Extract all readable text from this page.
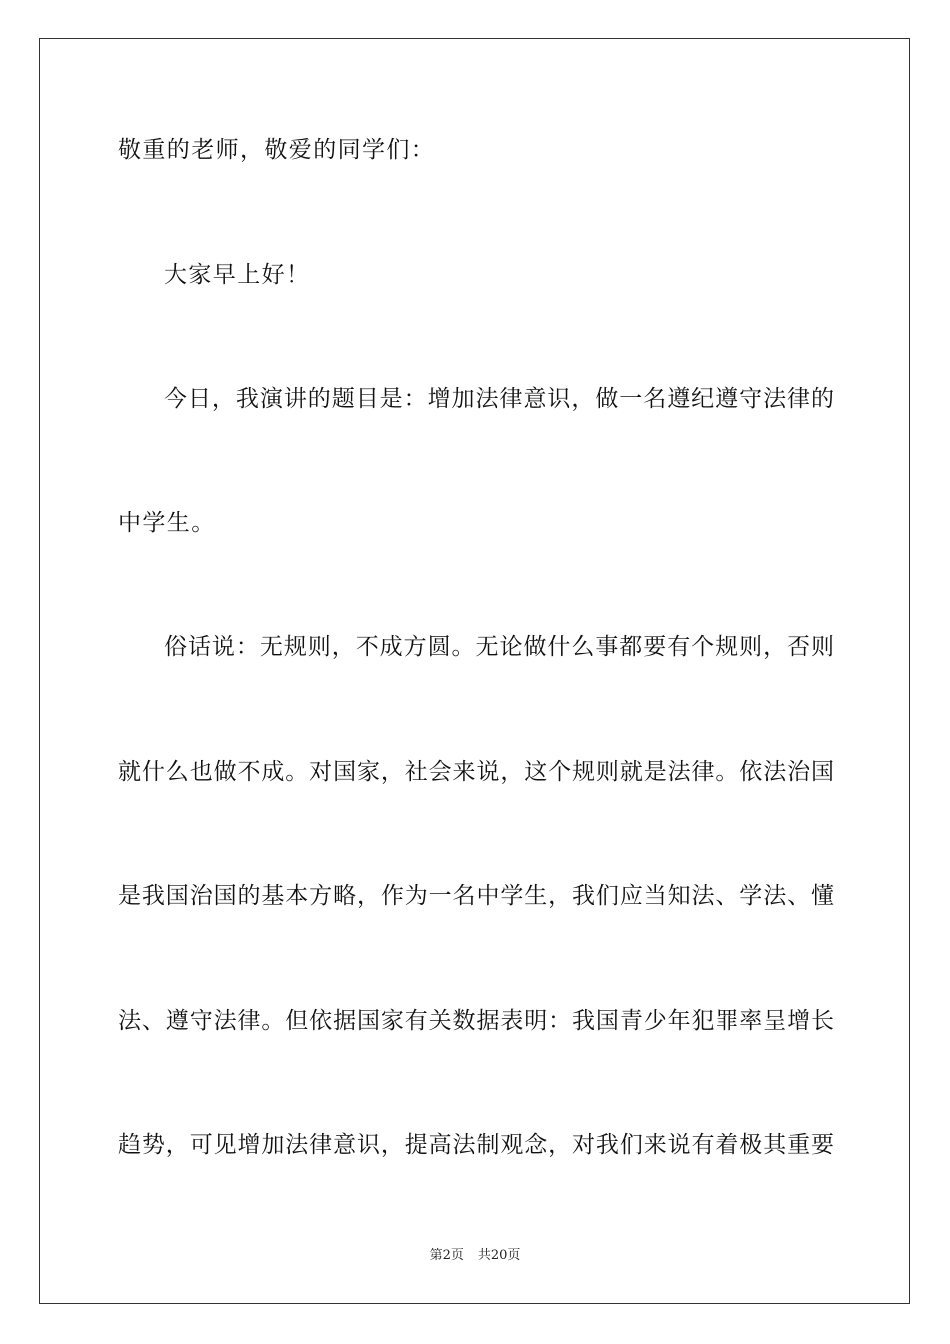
敬重的老师，敬爱的同学们：
大家早上好！
今日，我演讲的题目是：增加法律意识，做一名遵纪遵守法律的
中学生。
俗话说：无规则，不成方圆。无论做什么事都要有个规则，否则
就什么也做不成。对国家，社会来说，这个规则就是法律。依法治国
是我国治国的基本方略，作为一名中学生，我们应当知法、学法、懂
法、遵守法律。但依据国家有关数据表明：我国青少年犯罪率呈增长
趋势，可见增加法律意识，提高法制观念，对我们来说有着极其重要
第2页 共20页
